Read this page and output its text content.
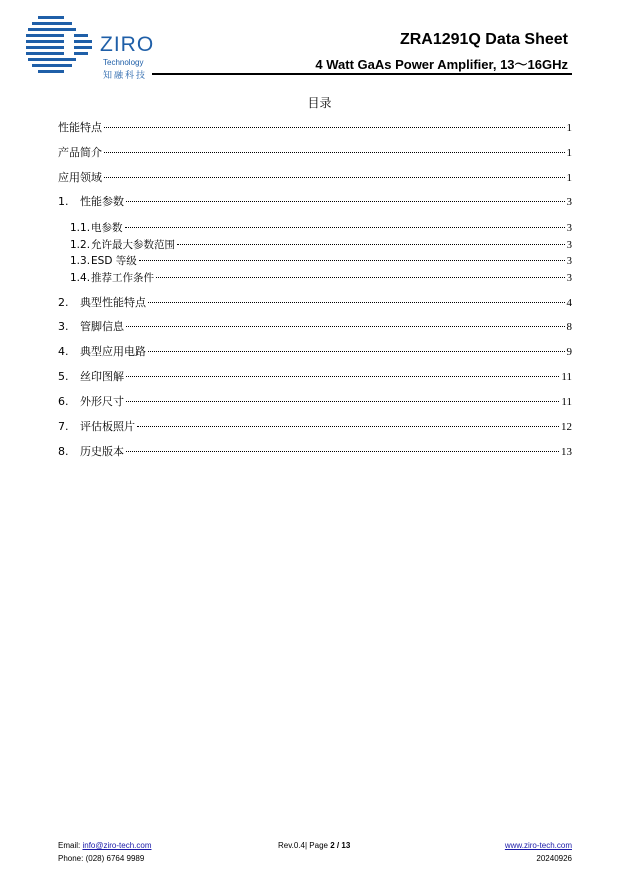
ZIRO
Technology
知融科技
ZRA1291Q Data Sheet
4 Watt GaAs Power Amplifier, 13～16GHz
目录
性能特点	1
产品简介	1
应用领域	1
1.	性能参数	3
1.1. 电参数	3
1.2. 允许最大参数范围	3
1.3. ESD 等级	3
1.4. 推荐工作条件	3
2.	典型性能特点	4
3.	管脚信息	8
4.	典型应用电路	9
5.	丝印图解	11
6.	外形尺寸	11
7.	评估板照片	12
8.	历史版本	13
Email: info@ziro-tech.com
Phone: (028) 6764 9989
Rev.0.4| Page 2 / 13	www.ziro-tech.com
20240926
